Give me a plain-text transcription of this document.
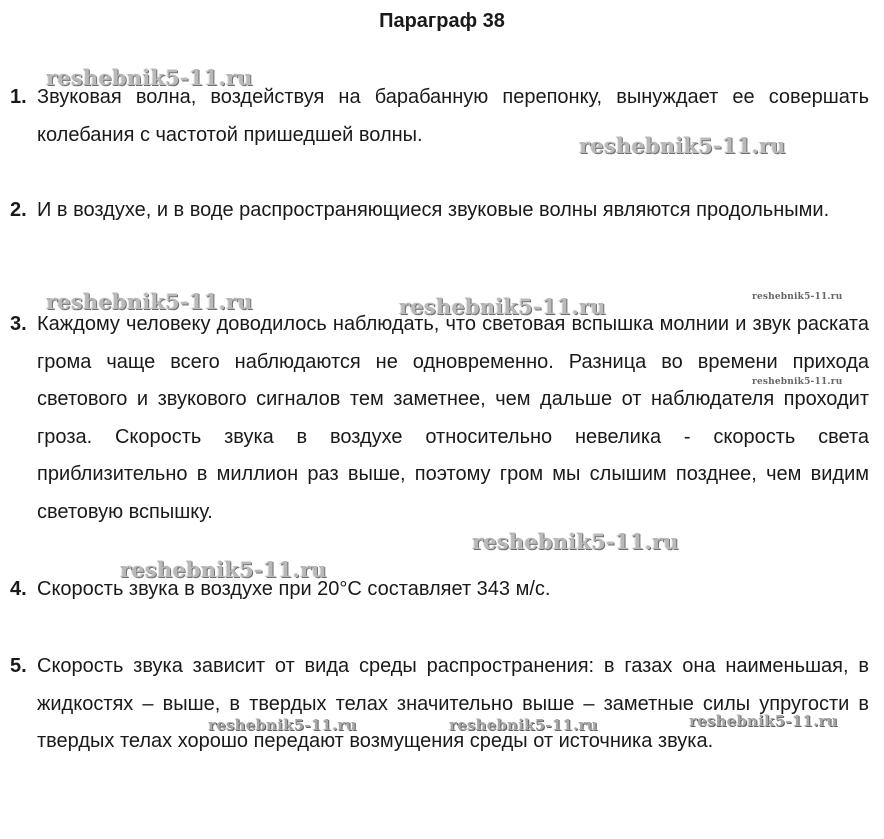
Параграф 38
1. Звуковая волна, воздействуя на барабанную перепонку, вынуждает ее совершать колебания с частотой пришедшей волны.
2. И в воздухе, и в воде распространяющиеся звуковые волны являются продольными.
3. Каждому человеку доводилось наблюдать, что световая вспышка молнии и звук раската грома чаще всего наблюдаются не одновременно. Разница во времени прихода светового и звукового сигналов тем заметнее, чем дальше от наблюдателя проходит гроза. Скорость звука в воздухе относительно невелика - скорость света приблизительно в миллион раз выше, поэтому гром мы слышим позднее, чем видим световую вспышку.
4. Скорость звука в воздухе при 20°С составляет 343 м/с.
5. Скорость звука зависит от вида среды распространения: в газах она наименьшая, в жидкостях – выше, в твердых телах значительно выше – заметные силы упругости в твердых телах хорошо передают возмущения среды от источника звука.
reshebnik5-11.ru
reshebnik5-11.ru
reshebnik5-11.ru	reshebnik5-11.ru	reshebnik5-11.ru
reshebnik5-11.ru
reshebnik5-11.ru
reshebnik5-11.ru
reshebnik5-11.ru	reshebnik5-11.ru	reshebnik5-11.ru
